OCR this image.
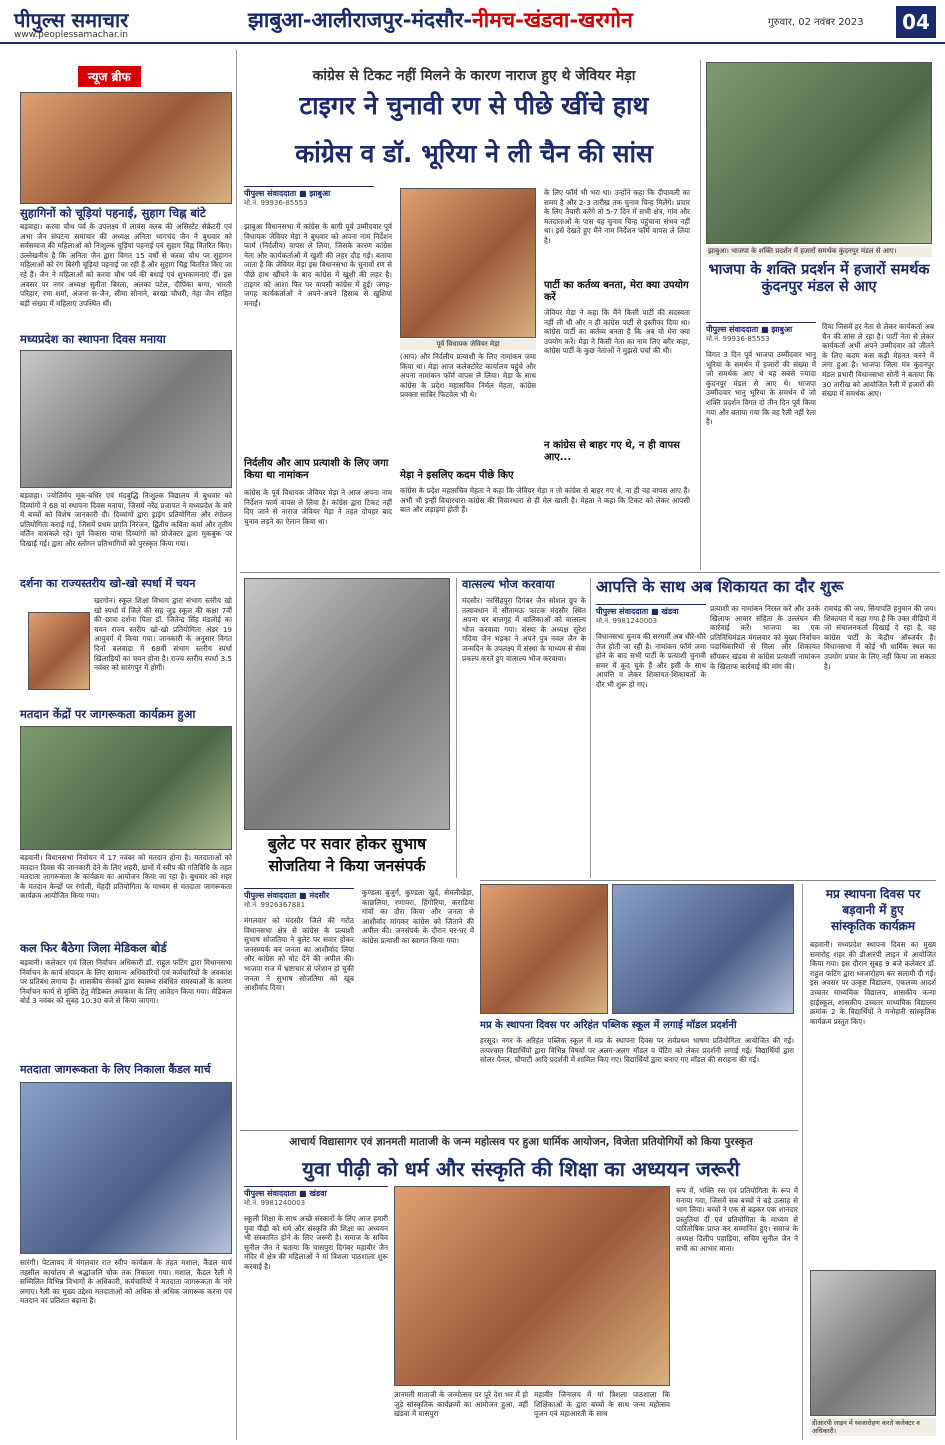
पीपुल्स समाचार
www.peoplessamachar.in
झाबुआ-आलीराजपुर-मंदसौर-नीमच-खंडवा-खरगोन	गुरुवार, 02 नवंबर 2023	04
न्यूज ब्रीफ
सुहागिनों को चूड़ियां पहनाई, सुहाग चिह्न बांटे
बड़वाहा। करवा चौथ पर्व के उपलक्ष्य में लायंस क्लब की असिस्टेंट सेक्रेटरी एवं अभा जैन संघटना समाचार की अध्यक्ष अनिता भागचंद जैन ने बुधवार को सर्वसमाज की महिलाओं को निःशुल्क चूड़ियां पहनाई एवं सुहाग चिह्न वितरित किए। उल्लेखनीय है कि अनिता जैन द्वारा विगत 15 वर्षों से करवा चौथ पर सुहागन महिलाओं को रंग बिरंगी चूड़ियां पहनाई जा रही हैं और सुहाग चिह्न वितरित किए जा रहे हैं। जैन ने महिलाओं को करवा चौथ पर्व की बधाई एवं शुभकामनाएं दीं। इस अवसर पर नगर अध्यक्ष सुनीता बिरला, अलका पटेल, दीपिका बग्गा, भारती परिहार, रमा शर्मा, अंजना स-जैन, सीमा सोनाने, बरखा चौधरी, नेहा जैन सहित बड़ी संख्या में महिलाएं उपस्थित थीं।
मध्यप्रदेश का स्थापना दिवस मनाया
बड़वाहा। ज्योतिर्मय मूक-बधिर एवं मंदबुद्धि निःशुल्क विद्यालय में बुधवार को दिव्यांगों ने 68 वां स्थापना दिवस मनाया, जिसमें नरेंद्र प्रजापत ने मध्यप्रदेश के बारे में बच्चों को विशेष जानकारी दी। दिव्यांगों द्वारा ड्राइंग प्रतियोगिता और रंगोलन प्रतियोगिता कराई गई, जिसमें प्रथम प्रगति निरंजन, द्वितीय कविता कर्मा और तृतीय वर्तिन वासकले रहे। पूर्व विकास यात्रा दिव्यांगों को प्रोजेक्टर द्वारा मूकबुक पर दिखाई गई। द्वारा और स्लोगन प्रतिभागियों को पुरस्कृत किया गया।
दर्शना का राज्यस्तरीय खो-खो स्पर्धा में चयन
खरगोन। स्कूल शिक्षा विभाग द्वारा संभाग स्तरीय खो खो स्पर्धा में जिले की सह जुड़ स्कूल की कक्षा 7वीं की छात्रा दर्शना पिता डॉ. जितेन्द्र सिंह मंडलोई का चयन राज्य स्तरीय खो-खो प्रतियोगिता अंडर 19 आयुवर्ग में किया गया। जानकारी के अनुसार विगत दिनों बलवाड़ा में 68वीं संभाग स्तरीय स्पर्धा खिलाड़ियों का चयन होना है। राज्य स्तरीय स्पर्धा 3.5 नवंबर को सारंगपुर में होगी।
मतदान केंद्रों पर जागरूकता कार्यक्रम हुआ
बड़वानी। विधानसभा निर्वाचन में 17 नवंबर को मतदान होना है। मतदाताओं को मतदान दिवस की जानकारी देने के लिए शहरी, ग्रामों में स्वीप की गतिविधि के तहत मतदाता जागरूकता के कार्यक्रम का आयोजन किया जा रहा है। बुधवार को शहर के मतदान केन्द्रों पर रंगोली, मेंहदी प्रतियोगिता के माध्यम से मतदाता जागरूकता कार्यक्रम आयोजित किया गया।
कल फिर बैठेगा जिला मेडिकल बोर्ड
बड़वानी। कलेक्टर एवं जिला निर्वाचन अधिकारी डॉ. राहुल फटिंग द्वारा विधानसभा निर्वाचन के कार्य संपादन के लिए सामान्य अधिकारियों एवं कर्मचारियों के अवकाश पर प्रतिबंध लगाया है। शासकीय सेवकों द्वारा स्वास्थ्य संबंधित समस्याओं के कारण निर्वाचन कार्य से मुक्ति हेतु मेडिकल अवकाश के लिए आवेदन किया गया। मेडिकल बोर्ड 3 नवंबर को सुबह 10.30 बजे से किया जाएगा।
मतदाता जागरूकता के लिए निकाला कैंडल मार्च
सारंगी। पेटलावद में मंगलवार रात स्वीप कार्यक्रम के तहत मशाल, कैंडल मार्च तहसील कार्यालय से श्रद्धांजलि चौक तक निकाला गया। मशाल, कैंडल रैली में सम्मिलित विभिन्न विभागों के अधिकारी, कर्मचारियों ने मतदाता जागरूकता के नारे लगाए। रैली का मुख्य उद्देश्य मतदाताओं को अधिक से अधिक जागरूक करना एवं मतदान का प्रतिशत बढ़ाना है।
कांग्रेस से टिकट नहीं मिलने के कारण नाराज हुए थे जेवियर मेड़ा
टाइगर ने चुनावी रण से पीछे खींचे हाथ
कांग्रेस व डॉ. भूरिया ने ली चैन की सांस
पीपुल्स संवाददाता ■ झाबुआ
मो.नं. 99936-85553
झाबुआ विधानसभा में कांग्रेस के बागी पूर्व उम्मीदवार पूर्व विधायक जेवियर मेड़ा ने बुधवार को अपना नाम निर्देशन फार्म (निर्दलीय) वापस ले लिया, जिसके कारण कांग्रेस नेता और कार्यकर्ताओं में खुशी की लहर दौड़ गई। बताया जाता है कि जेवियर मेड़ा इस विधानसभा के चुनावों रण से पीछे हाथ खींचने के बाद कांग्रेस में खुशी की लहर है। टाइगर को आशा फिर पर वापसी कांग्रेस में हुई। जगह-जगह कार्यकर्ताओं ने अपने-अपने हिसाब से खुशियां मनाईं।
निर्दलीय और आप प्रत्याशी के लिए जगा किया था नामांकन
कांग्रेस के पूर्व विधायक जेवियर मेड़ा ने आज अपना नाम निर्देशन फार्म वापस ले लिया है। कांग्रेस द्वारा टिकट नहीं दिए जाने से नाराज जेवियर मेड़ा ने तहत दोपहर बाद चुनाव लड़ने का ऐलान किया था।
पूर्व विधायक जेवियर मेड़ा
(आप) और निर्दलीय प्रत्याशी के लिए नामांकन जमा किया था। मेड़ा आज कलेक्टोरेट कार्यालय पहुंचे और अपना नामांकन फॉर्म वापस ले लिया। मेड़ा के साथ कांग्रेस के प्रदेश महासचिव निर्मल मेहता, कांग्रेस प्रवक्ता साबिर फिटवेल भी थे।
मेड़ा ने इसलिए कदम पीछे किए
कांग्रेस के प्रदेश महासचिव मेहता ने कहा कि जेवियर मेड़ा न तो कांग्रेस से बाहर गए थे, ना ही वह वापस आए हैं। अभी भी इन्हीं विचारधारा कांग्रेस की विचारधारा से ही मेल खाती है। मेहता ने कहा कि टिकट को लेकर आपसी बात और लड़ाइयां होती हैं।
के लिए फॉर्म भी भरा था। उन्होंने कहा कि दीपावली का समय है और 2-3 तारीख तक चुनाव चिन्ह मिलेंगे। प्रचार के लिए तैयारी करेंगे तो 5-7 दिन में सभी क्षेत्र, गांव और मतदाताओं के पास यह चुनाव चिन्ह पहुंचाना संभव नहीं था। इसे देखते हुए मैंने नाम निर्देशन फॉर्म वापस ले लिया है।
पार्टी का कर्तव्य बनता, मेरा क्या उपयोग करें
जेवियर मेड़ा ने कहा कि मैंने किसी पार्टी की सदस्यता नहीं ली थी और न ही कांग्रेस पार्टी से इस्तीफा दिया था। कांग्रेस पार्टी का कर्तव्य बनता है कि अब वो मेरा क्या उपयोग करें। मेड़ा ने किसी नेता का नाम लिए बगैर कहा, कांग्रेस पार्टी के कुछ नेताओं ने मुझसे चर्चा की थी।
न कांग्रेस से बाहर गए थे, न ही वापस आए...
झाबुआ। भाजपा के शक्ति प्रदर्शन में हजारों समर्थक कुंदनपुर मंडल से आए।
भाजपा के शक्ति प्रदर्शन में हजारों समर्थक कुंदनपुर मंडल से आए
पीपुल्स संवाददाता ■ झाबुआ
मो.नं. 99936-85553
विगत 3 दिन पूर्व भाजपा उम्मीदवार भानु भूरिया के समर्थन में हजारों की संख्या में जो समर्थक आए थे वह सबसे ज्यादा कुंदनपुर मंडल से आए थे। भाजपा उम्मीदवार भानु भूरिया के समर्थन में जो शक्ति प्रदर्शन विगत दो तीन दिन पूर्व किया गया और बताया गया कि वह रैली नहीं रेला है।
दिया जिसमें हर नेता से लेकर कार्यकर्ता अब चैन की सांस ले रहा है। पार्टी नेता से लेकर कार्यकर्ता अभी अपने उम्मीदवार को जीतने के लिए कदम कस कड़ी मेहनत करने में लगा हुआ है। भाजपा जिला मंत्र कुंदनपुर मंडल प्रभारी विधानसभा सोनी ने बताया कि 30 तारीख को आयोजित रैली में हजारों की संख्या में समर्थक आए।
बुलेट पर सवार होकर सुभाष
सोजतिया ने किया जनसंपर्क
पीपुल्स संवाददाता ■ मंदसौर
मो.नं. 9926367881
मंगलवार को मंदसौर जिले की गरोठ विधानसभा क्षेत्र से कांग्रेस के प्रत्याशी सुभाष सोजतिया ने बुलेट पर सवार होकर जनसम्पर्क कर जनता का आशीर्वाद लिया और कांग्रेस को वोट देने की अपील की। भाजपा राज में भ्रष्टाचार से परेशान हो चुकी जनता ने सुभाष सोजतिया को खूब आशीर्वाद दिया।
कुण्डला बुजुर्ग, कुण्डला खुर्द, सेमलीखेड़ा, काछलिया, रणायरा, हिंगोरिया, कराडिया गांवों का दौरा किया और जनता से आशीर्वाद मांगकर कांग्रेस को जिताने की अपील की। जनसंपर्क के दौरान घर-घर में कांग्रेस प्रत्याशी का स्वागत किया गया।
वात्सल्य भोज करवाया
मंदसौर। नरसिंहपुरा दिगंबर जैन सोशल ग्रुप के तत्वावधान में सीतामऊ फाटक मंदसौर स्थित अपना घर बालगृह में बालिकाओं को वात्सल्य भोज करवाया गया। संस्था के अध्यक्ष सुरेश गदिया जैन भड़का ने अपने पुत्र नवल जैन के जन्मदिन के उपलक्ष्य में संस्था के माध्यम से सेवा प्रकल्प करते हुए वात्सल्य भोज करवाया।
आपत्ति के साथ अब शिकायत का दौर शुरू
पीपुल्स संवाददाता ■ खंडवा
मो.नं. 9981240003
विधानसभा चुनाव की सरगर्मी अब धीरे-धीरे तेज होती जा रही है। नामांकन फॉर्म जमा होने के बाद सभी पार्टी के प्रत्याशी चुनावी समर में कूद चुके हैं और इसी के साथ आपत्ति व लेकर शिकायत-शिकायतों के दौर भी शुरू हो गए।
प्रत्याशी का नामांकन निरस्त करें और उनके खिलाफ आचार संहिता के उल्लंघन की कार्रवाई करें। भाजपा का एक प्रतिनिधिमंडल मंगलवार को मुख्य निर्वाचन पदाधिकारियों से मिला और शिकायत सौंपकर खंडवा से कांग्रेस प्रत्याशी नामांकन के खिलाफ कार्रवाई की मांग की।
रामचंद्र की जय, सियापति हनुमान की जय। शिकायत में कहा गया है कि उक्त वीडियो में जो संचालनकर्ता दिखाई दे रहा है, वह कांग्रेस पार्टी के केंद्रीय ऑब्जर्वर हैं। विधानसभा में कोई भी धार्मिक स्थल का उपयोग प्रचार के लिए नहीं किया जा सकता है।
मप्र के स्थापना दिवस पर अरिहंत पब्लिक स्कूल में लगाई मॉडल प्रदर्शनी
हरसूद। नगर के अरिहंत पब्लिक स्कूल में मप्र के स्थापना दिवस पर सर्वप्रथम भाषण प्रतियोगिता आयोजित की गई। तत्पश्चात विद्यार्थियों द्वारा विभिन्न विषयों पर अलग-अलग मॉडल व पेंटिंग को लेकर प्रदर्शनी लगाई गई। विद्यार्थियों द्वारा सोलर पैनल, चौपाटी आदि प्रदर्शनी में शामिल किए गए। विद्यार्थियों द्वारा बनाए गए मॉडल की सराहना की गई।
मप्र स्थापना दिवस पर
बड़वानी में हुए
सांस्कृतिक कार्यक्रम
बड़वानी। मध्यप्रदेश स्थापना दिवस का मुख्य समारोह शहर की डीआरपी लाइन में आयोजित किया गया। इस दौरान सुबह 9 बजे कलेक्टर डॉ. राहुल फटिंग द्वारा ध्वजारोहण कर सलामी दी गई। इस अवसर पर उत्कृष्ट विद्यालय, एकलव्य आदर्श उच्चतर माध्यमिक विद्यालय, शासकीय कन्या हाईस्कूल, शासकीय उच्चतर माध्यमिक विद्यालय क्रमांक 2 के विद्यार्थियों ने मनोहारी सांस्कृतिक कार्यक्रम प्रस्तुत किए।
डीआरपी लाइन में ध्वजारोहण करते कलेक्टर व अधिकारी।
आचार्य विद्यासागर एवं ज्ञानमती माताजी के जन्म महोत्सव पर हुआ धार्मिक आयोजन, विजेता प्रतियोगियों को किया पुरस्कृत
युवा पीढ़ी को धर्म और संस्कृति की शिक्षा का अध्ययन जरूरी
पीपुल्स संवाददाता ■ खंडवा
मो.नं. 9981240003
स्कूली शिक्षा के साथ अच्छे संस्कारों के लिए आज हमारी युवा पीढ़ी को धर्म और संस्कृति की शिक्षा का अध्ययन भी संस्कारित होने के लिए जरूरी है। समाज के सचिव सुनील जैन ने बताया कि घासपुरा दिगंबर महावीर जैन मंदिर में क्षेत्र की महिलाओं ने मां त्रिशला पाठशाला शुरू करवाई है।
ज्ञानमती माताजी के जन्मोत्सव पर पूरे देश भर में हो जुड़े सांस्कृतिक कार्यक्रमों का आयोजन हुआ, वहीं खंडवा में घासपुरा
महावीर जिनालय में मां त्रिशला पाठशाला कि शिक्षिकाओं के द्वारा बच्चों के साथ जन्म महोत्सव पूजन एवं महाआरती के साथ
रूप में, भक्ति रस एवं प्रतियोगिता के रूप में मनाया गया, जिसमें सब बच्चों ने बड़े उत्साह से भाग लिया। बच्चों ने एक से बढ़कर एक शानदार प्रस्तुतियां दीं एवं प्रतियोगिता के माध्यम से पारितोषिक प्राप्त कर सम्मानित हुए। समाज के अध्यक्ष दिलीप पहाड़िया, सचिव सुनील जैन ने सभी का आभार माना।
